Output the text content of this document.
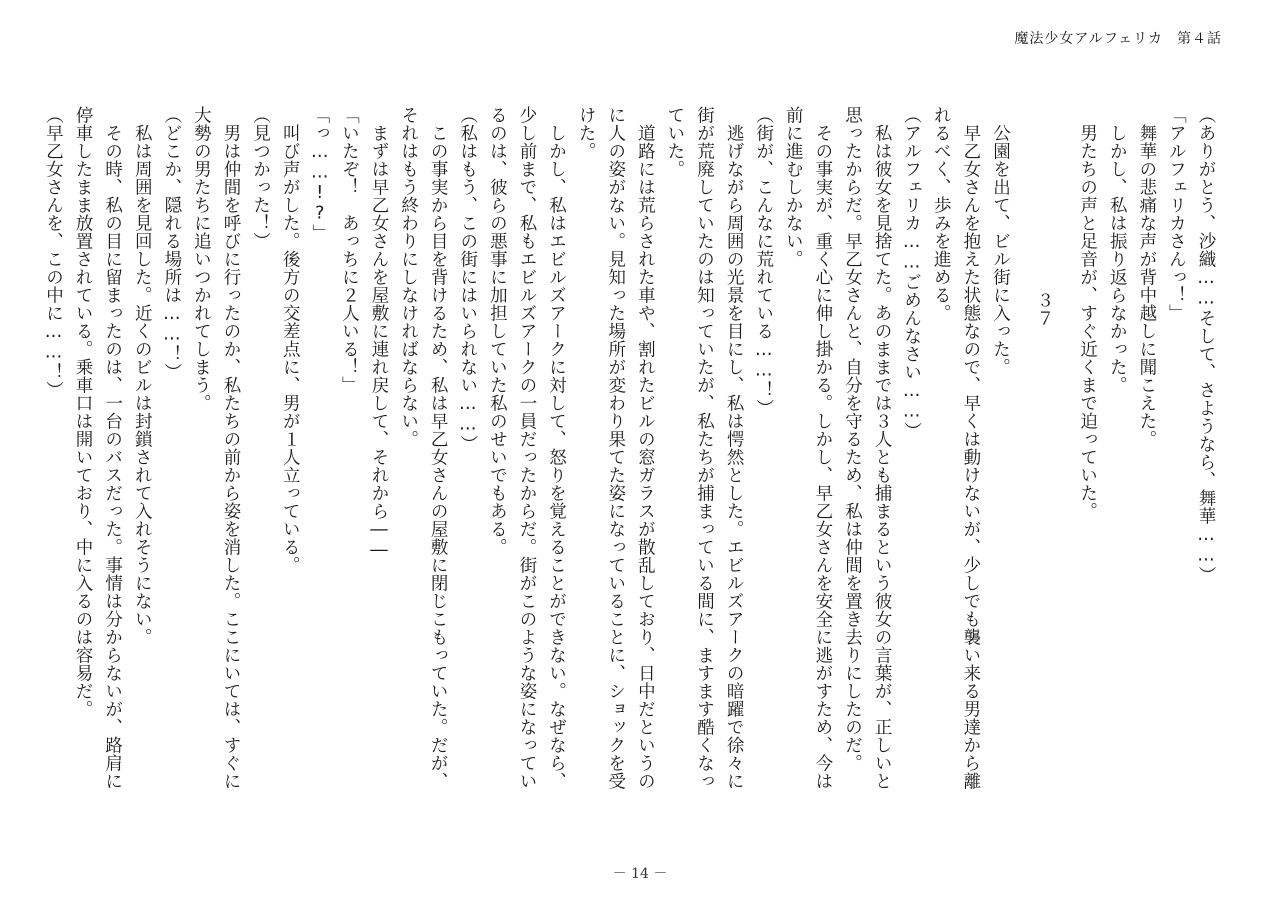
魔法少女アルフェリカ 第４話

（ありがとう、沙織……そして、さようなら、舞華……）

「アルフェリカさんっ！」

　舞華の悲痛な声が背中越しに聞こえた。

　しかし、私は振り返らなかった。

　男たちの声と足音が、すぐ近くまで迫っていた。

３７

　公園を出て、ビル街に入った。

　早乙女さんを抱えた状態なので、早くは動けないが、少しでも襲い来る男達から離れるべく、歩みを進める。

（アルフェリカ……ごめんなさい……）

　私は彼女を見捨てた。あのままでは３人とも捕まるという彼女の言葉が、正しいと思ったからだ。早乙女さんと、自分を守るため、私は仲間を置き去りにしたのだ。

　その事実が、重く心に伸し掛かる。しかし、早乙女さんを安全に逃がすため、今は前に進むしかない。

（街が、こんなに荒れている……！）

　逃げながら周囲の光景を目にし、私は愕然とした。エビルズアークの暗躍で徐々に街が荒廃していたのは知っていたが、私たちが捕まっている間に、ますます酷くなっていた。

　道路には荒らされた車や、割れたビルの窓ガラスが散乱しており、日中だというのに人の姿がない。見知った場所が変わり果てた姿になっていることに、ショックを受けた。

　しかし、私はエビルズアークに対して、怒りを覚えることができない。なぜなら、少し前まで、私もエビルズアークの一員だったからだ。街がこのような姿になっているのは、彼らの悪事に加担していた私のせいでもある。

（私はもう、この街にはいられない……）

　この事実から目を背けるため、私は早乙女さんの屋敷に閉じこもっていた。だが、それはもう終わりにしなければならない。

　まずは早乙女さんを屋敷に連れ戻して、それから――

「いたぞ！　あっちに２人いる！」

「っ……!?」

　叫び声がした。後方の交差点に、男が１人立っている。

（見つかった！）

　男は仲間を呼びに行ったのか、私たちの前から姿を消した。ここにいては、すぐに大勢の男たちに追いつかれてしまう。

（どこか、隠れる場所は……！）

　私は周囲を見回した。近くのビルは封鎖されて入れそうにない。

　その時、私の目に留まったのは、一台のバスだった。事情は分からないが、路肩に停車したまま放置されている。乗車口は開いており、中に入るのは容易だ。

（早乙女さんを、この中に……！）

－ 14 －
